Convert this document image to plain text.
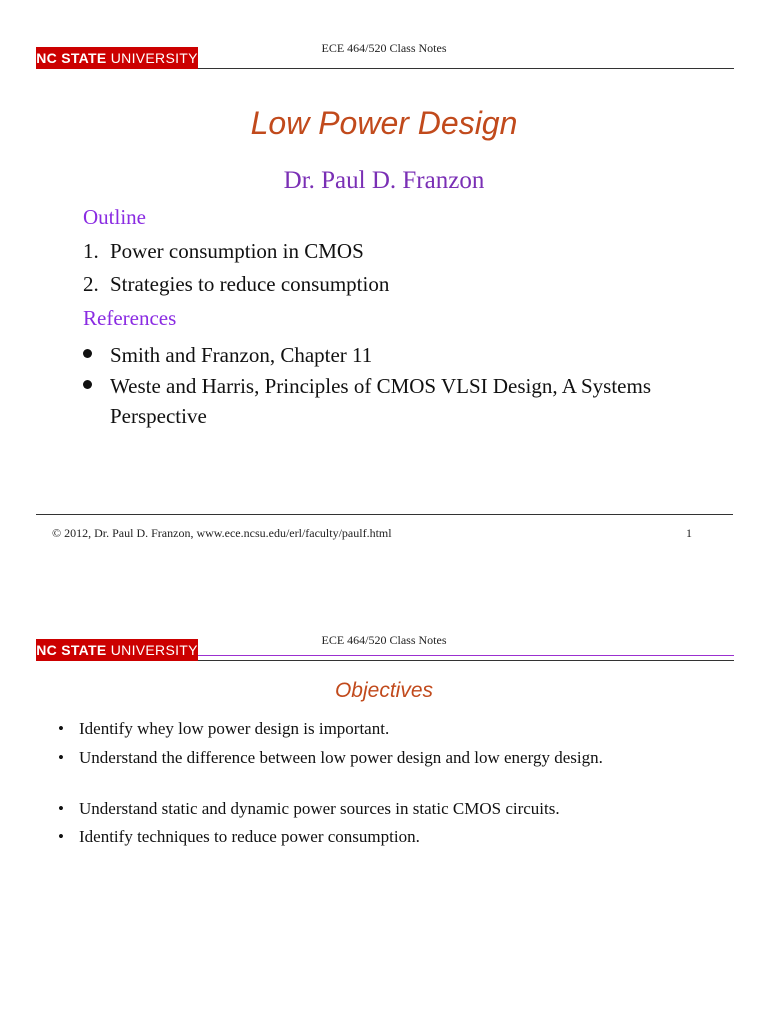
NC STATE UNIVERSITY
ECE 464/520 Class Notes
Low Power Design
Dr. Paul D. Franzon
Outline
1. Power consumption in CMOS
2. Strategies to reduce consumption
References
Smith and Franzon, Chapter 11
Weste and Harris, Principles of CMOS VLSI Design, A Systems Perspective
© 2012, Dr. Paul D. Franzon, www.ece.ncsu.edu/erl/faculty/paulf.html	1
NC STATE UNIVERSITY
ECE 464/520 Class Notes
Objectives
• Identify whey low power design is important.
• Understand the difference between low power design and low energy design.
• Understand static and dynamic power sources in static CMOS circuits.
• Identify techniques to reduce power consumption.
